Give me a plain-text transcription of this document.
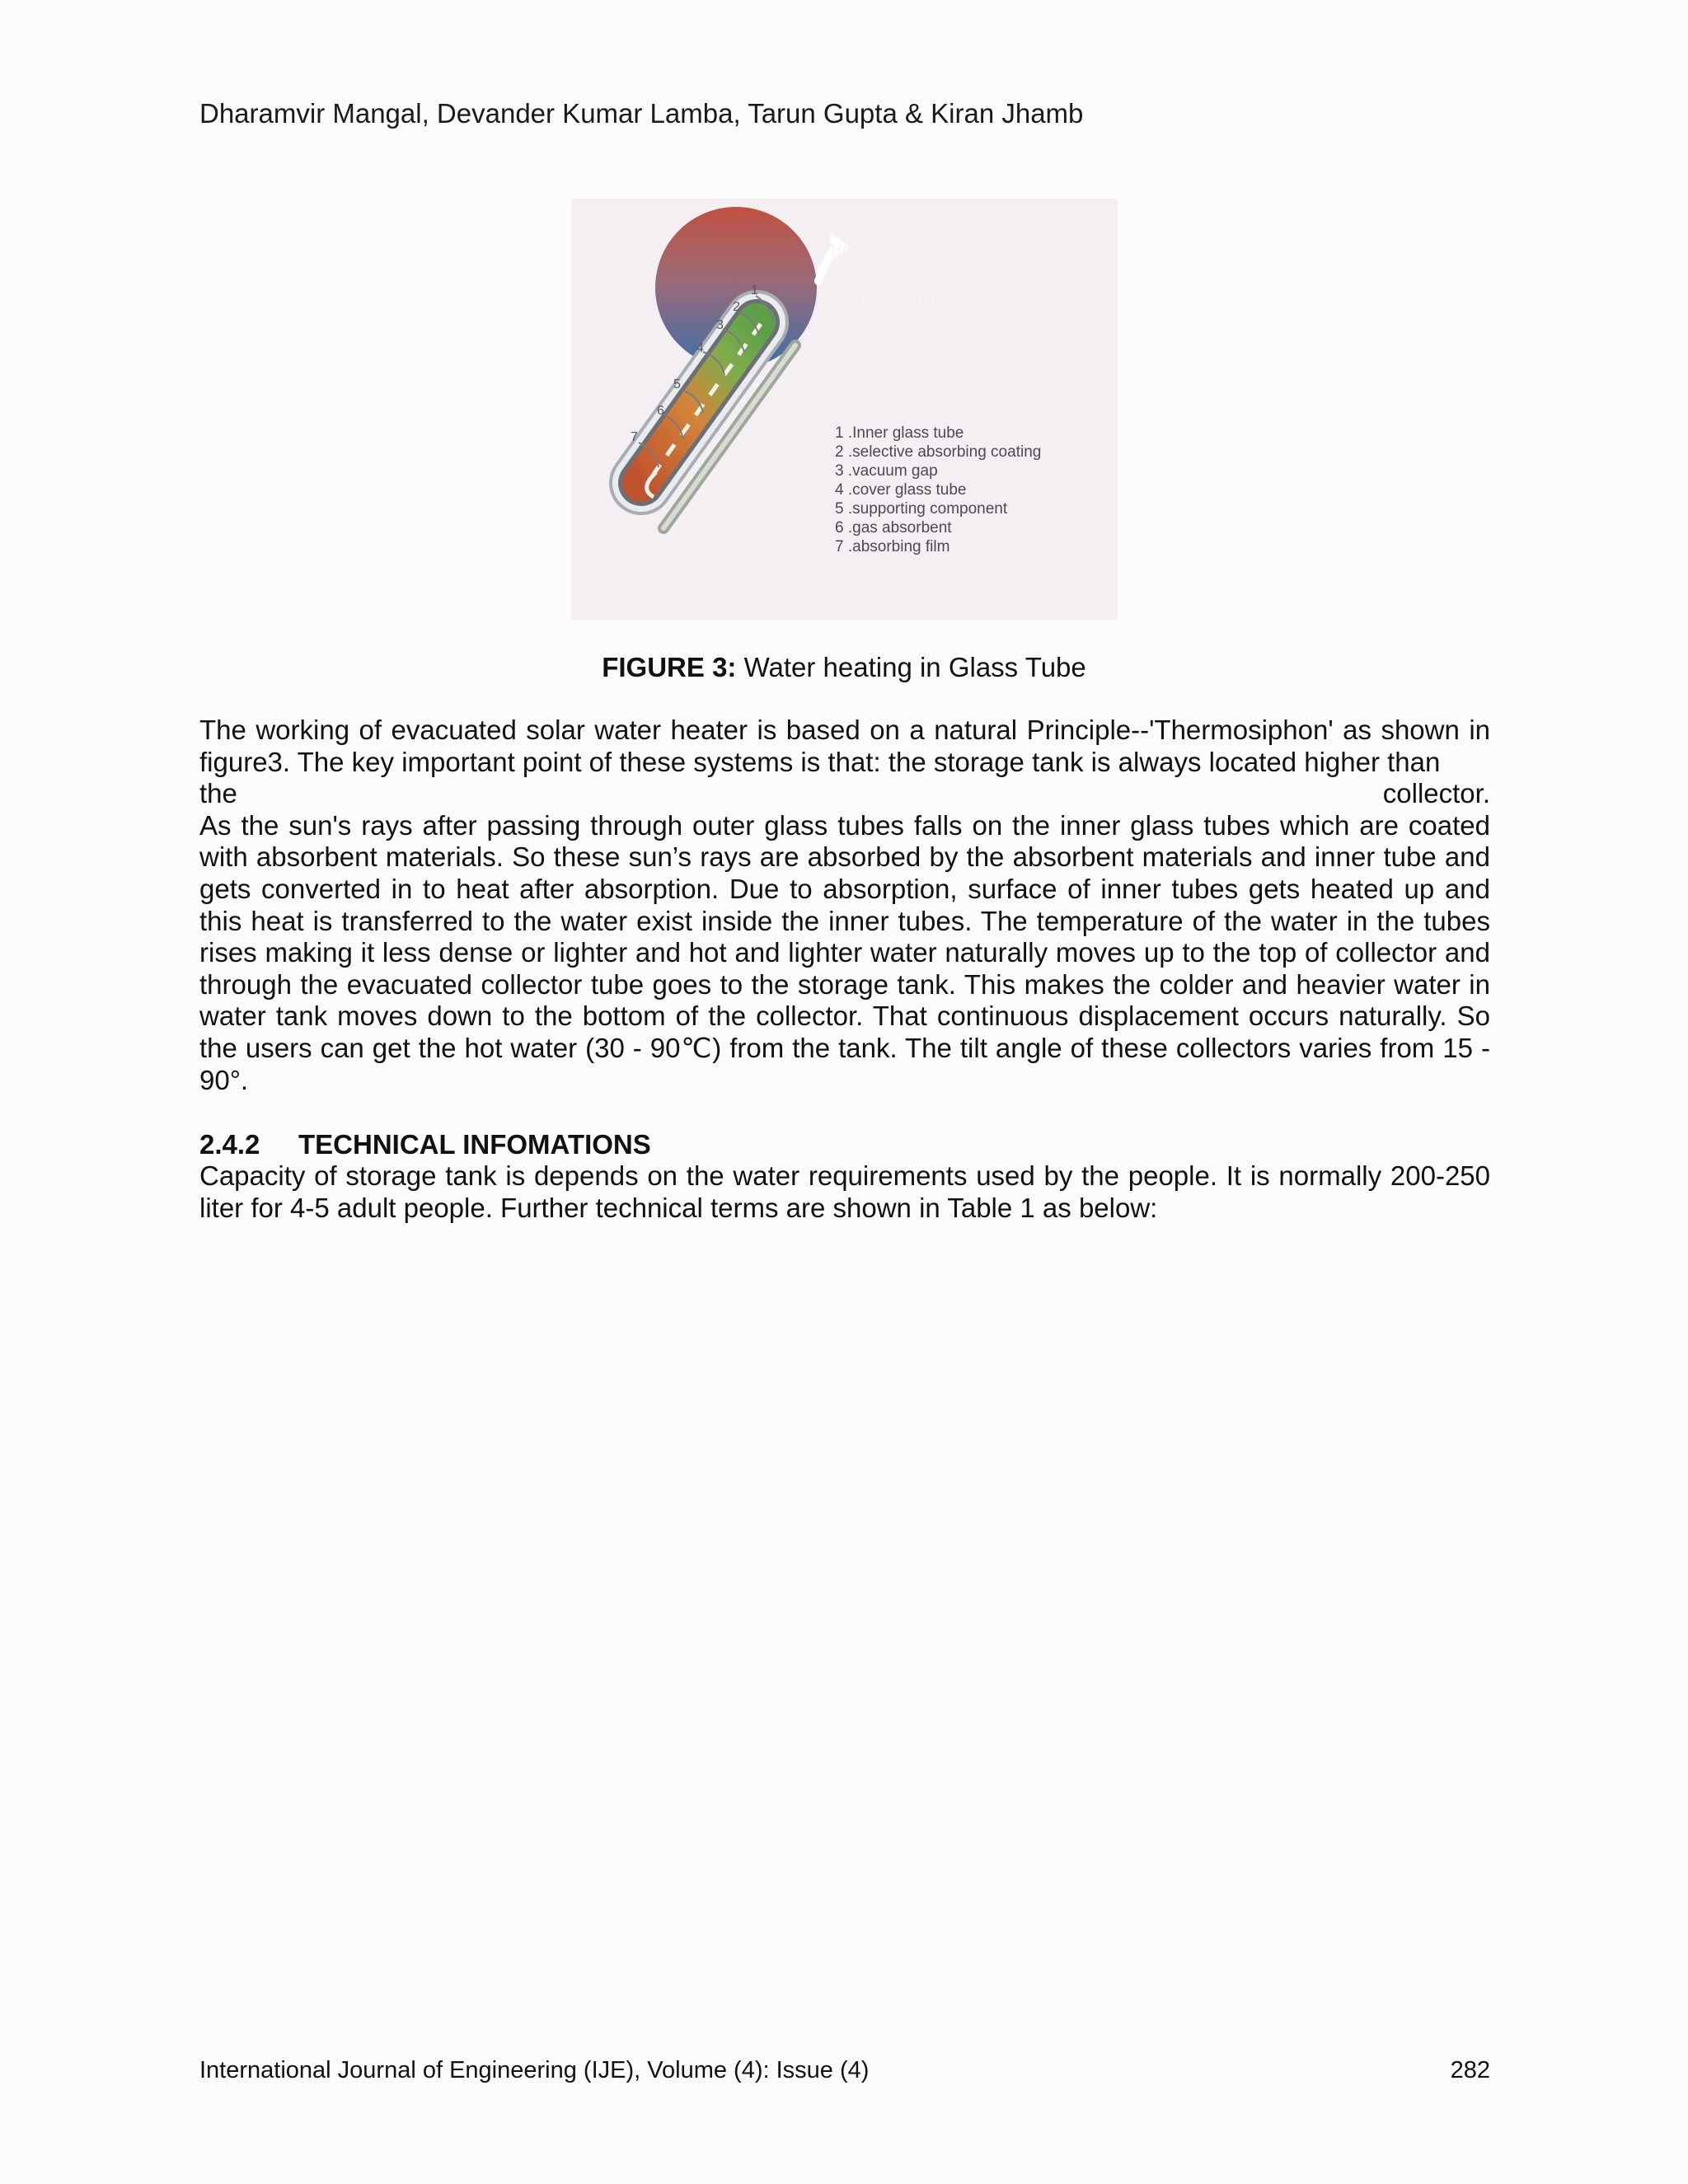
Dharamvir Mangal, Devander Kumar Lamba, Tarun Gupta & Kiran Jhamb
Hot water
Cold water
1
2
3
4
5
6
7	1 .Inner glass tube
2 .selective absorbing coating
3 .vacuum gap
4 .cover glass tube
5 .supporting component
6 .gas absorbent
7 .absorbing film
FIGURE 3: Water heating in Glass Tube
The working of evacuated solar water heater is based on a natural Principle--'Thermosiphon' as shown in figure3. The key important point of these systems is that: the storage tank is always located higher than
the	collector.
As the sun's rays after passing through outer glass tubes falls on the inner glass tubes which are coated with absorbent materials. So these sun’s rays are absorbed by the absorbent materials and inner tube and gets converted in to heat after absorption. Due to absorption, surface of inner tubes gets heated up and this heat is transferred to the water exist inside the inner tubes. The temperature of the water in the tubes rises making it less dense or lighter and hot and lighter water naturally moves up to the top of collector and through the evacuated collector tube goes to the storage tank. This makes the colder and heavier water in water tank moves down to the bottom of the collector. That continuous displacement occurs naturally. So the users can get the hot water (30 - 90℃) from the tank. The tilt angle of these collectors varies from 15 - 90°.
2.4.2 TECHNICAL INFOMATIONS
Capacity of storage tank is depends on the water requirements used by the people. It is normally 200-250 liter for 4-5 adult people. Further technical terms are shown in Table 1 as below:
International Journal of Engineering (IJE), Volume (4): Issue (4)	282
